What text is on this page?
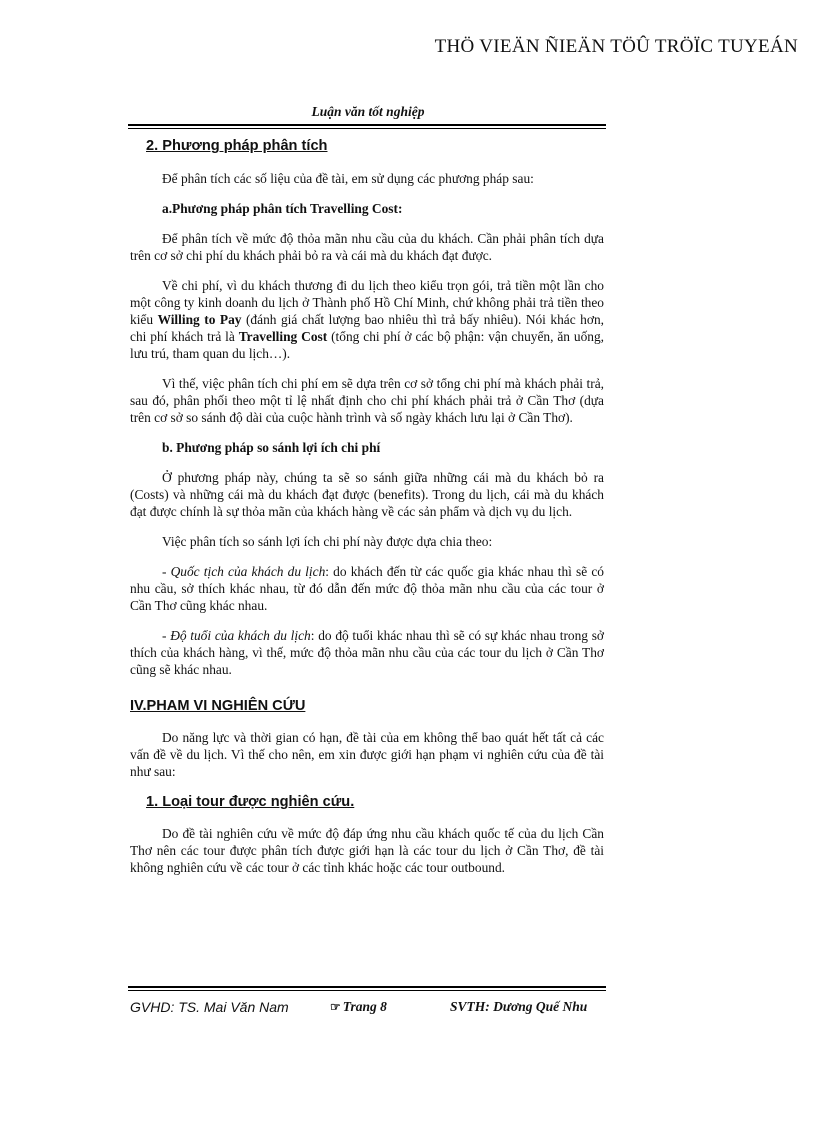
THÖ VIEÄN ÑIEÄN TÖÛ TRÖÏC TUYEÁN
Luận văn tốt nghiệp

2. Phương pháp phân tích

Để phân tích các số liệu của đề tài, em sử dụng các phương pháp sau:

a.Phương pháp phân tích Travelling Cost:

Để phân tích về mức độ thỏa mãn nhu cầu của du khách. Cần phải phân tích dựa trên cơ sở chi phí du khách phải bỏ ra và cái mà du khách đạt được.

Về chi phí, vì du khách thương đi du lịch theo kiểu trọn gói, trả tiền một lần cho một công ty kinh doanh du lịch ở Thành phố Hồ Chí Minh, chứ không phải trả tiền theo kiểu Willing to Pay (đánh giá chất lượng bao nhiêu thì trả bấy nhiêu). Nói khác hơn, chi phí khách trả là Travelling Cost (tổng chi phí ở các bộ phận: vận chuyển, ăn uống, lưu trú, tham quan du lịch…).

Vì thế, việc phân tích chi phí em sẽ dựa trên cơ sở tổng chi phí mà khách phải trả, sau đó, phân phối theo một tỉ lệ nhất định cho chi phí khách phải trả ở Cần Thơ (dựa trên cơ sở so sánh độ dài của cuộc hành trình và số ngày khách lưu lại ở Cần Thơ).

b. Phương pháp so sánh lợi ích chi phí

Ở phương pháp này, chúng ta sẽ so sánh giữa những cái mà du khách bỏ ra (Costs) và những cái mà du khách đạt được (benefits). Trong du lịch, cái mà du khách đạt được chính là sự thỏa mãn của khách hàng về các sản phẩm và dịch vụ du lịch.

Việc phân tích so sánh lợi ích chi phí này được dựa chia theo:

- Quốc tịch của khách du lịch: do khách đến từ các quốc gia khác nhau thì sẽ có nhu cầu, sở thích khác nhau, từ đó dẫn đến mức độ thỏa mãn nhu cầu của các tour ở Cần Thơ cũng khác nhau.

- Độ tuổi của khách du lịch: do độ tuổi khác nhau thì sẽ có sự khác nhau trong sở thích của khách hàng, vì thế, mức độ thỏa mãn nhu cầu của các tour du lịch ở Cần Thơ cũng sẽ khác nhau.

IV.PHAM VI NGHIÊN CỨU

Do năng lực và thời gian có hạn, đề tài của em không thể bao quát hết tất cả các vấn đề về du lịch. Vì thế cho nên, em xin được giới hạn phạm vi nghiên cứu của đề tài như sau:

1. Loại tour được nghiên cứu.

Do đề tài nghiên cứu về mức độ đáp ứng nhu cầu khách quốc tế của du lịch Cần Thơ nên các tour được phân tích được giới hạn là các tour du lịch ở Cần Thơ, đề tài không nghiên cứu về các tour ở các tỉnh khác hoặc các tour outbound.

GVHD: TS. Mai Văn Nam	☞ Trang 8	SVTH: Dương Quế Nhu
